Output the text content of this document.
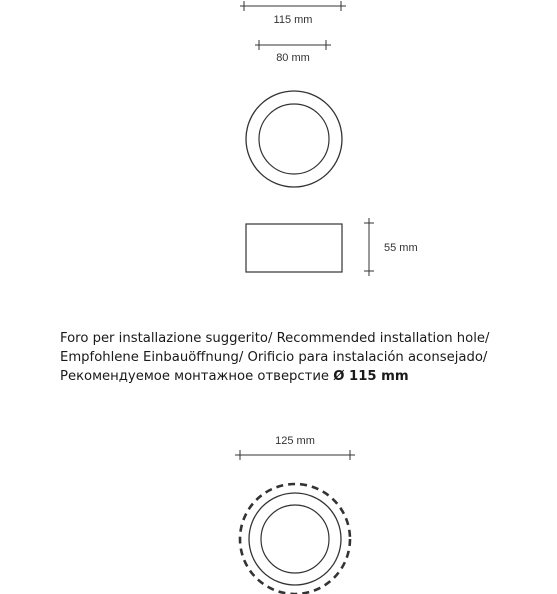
115 mm
80 mm
55 mm
125 mm
Foro per installazione suggerito/ Recommended installation hole/
Empfohlene Einbauöffnung/ Orificio para instalación aconsejado/
Рекомендуемое монтажное отверстие Ø 115 mm
